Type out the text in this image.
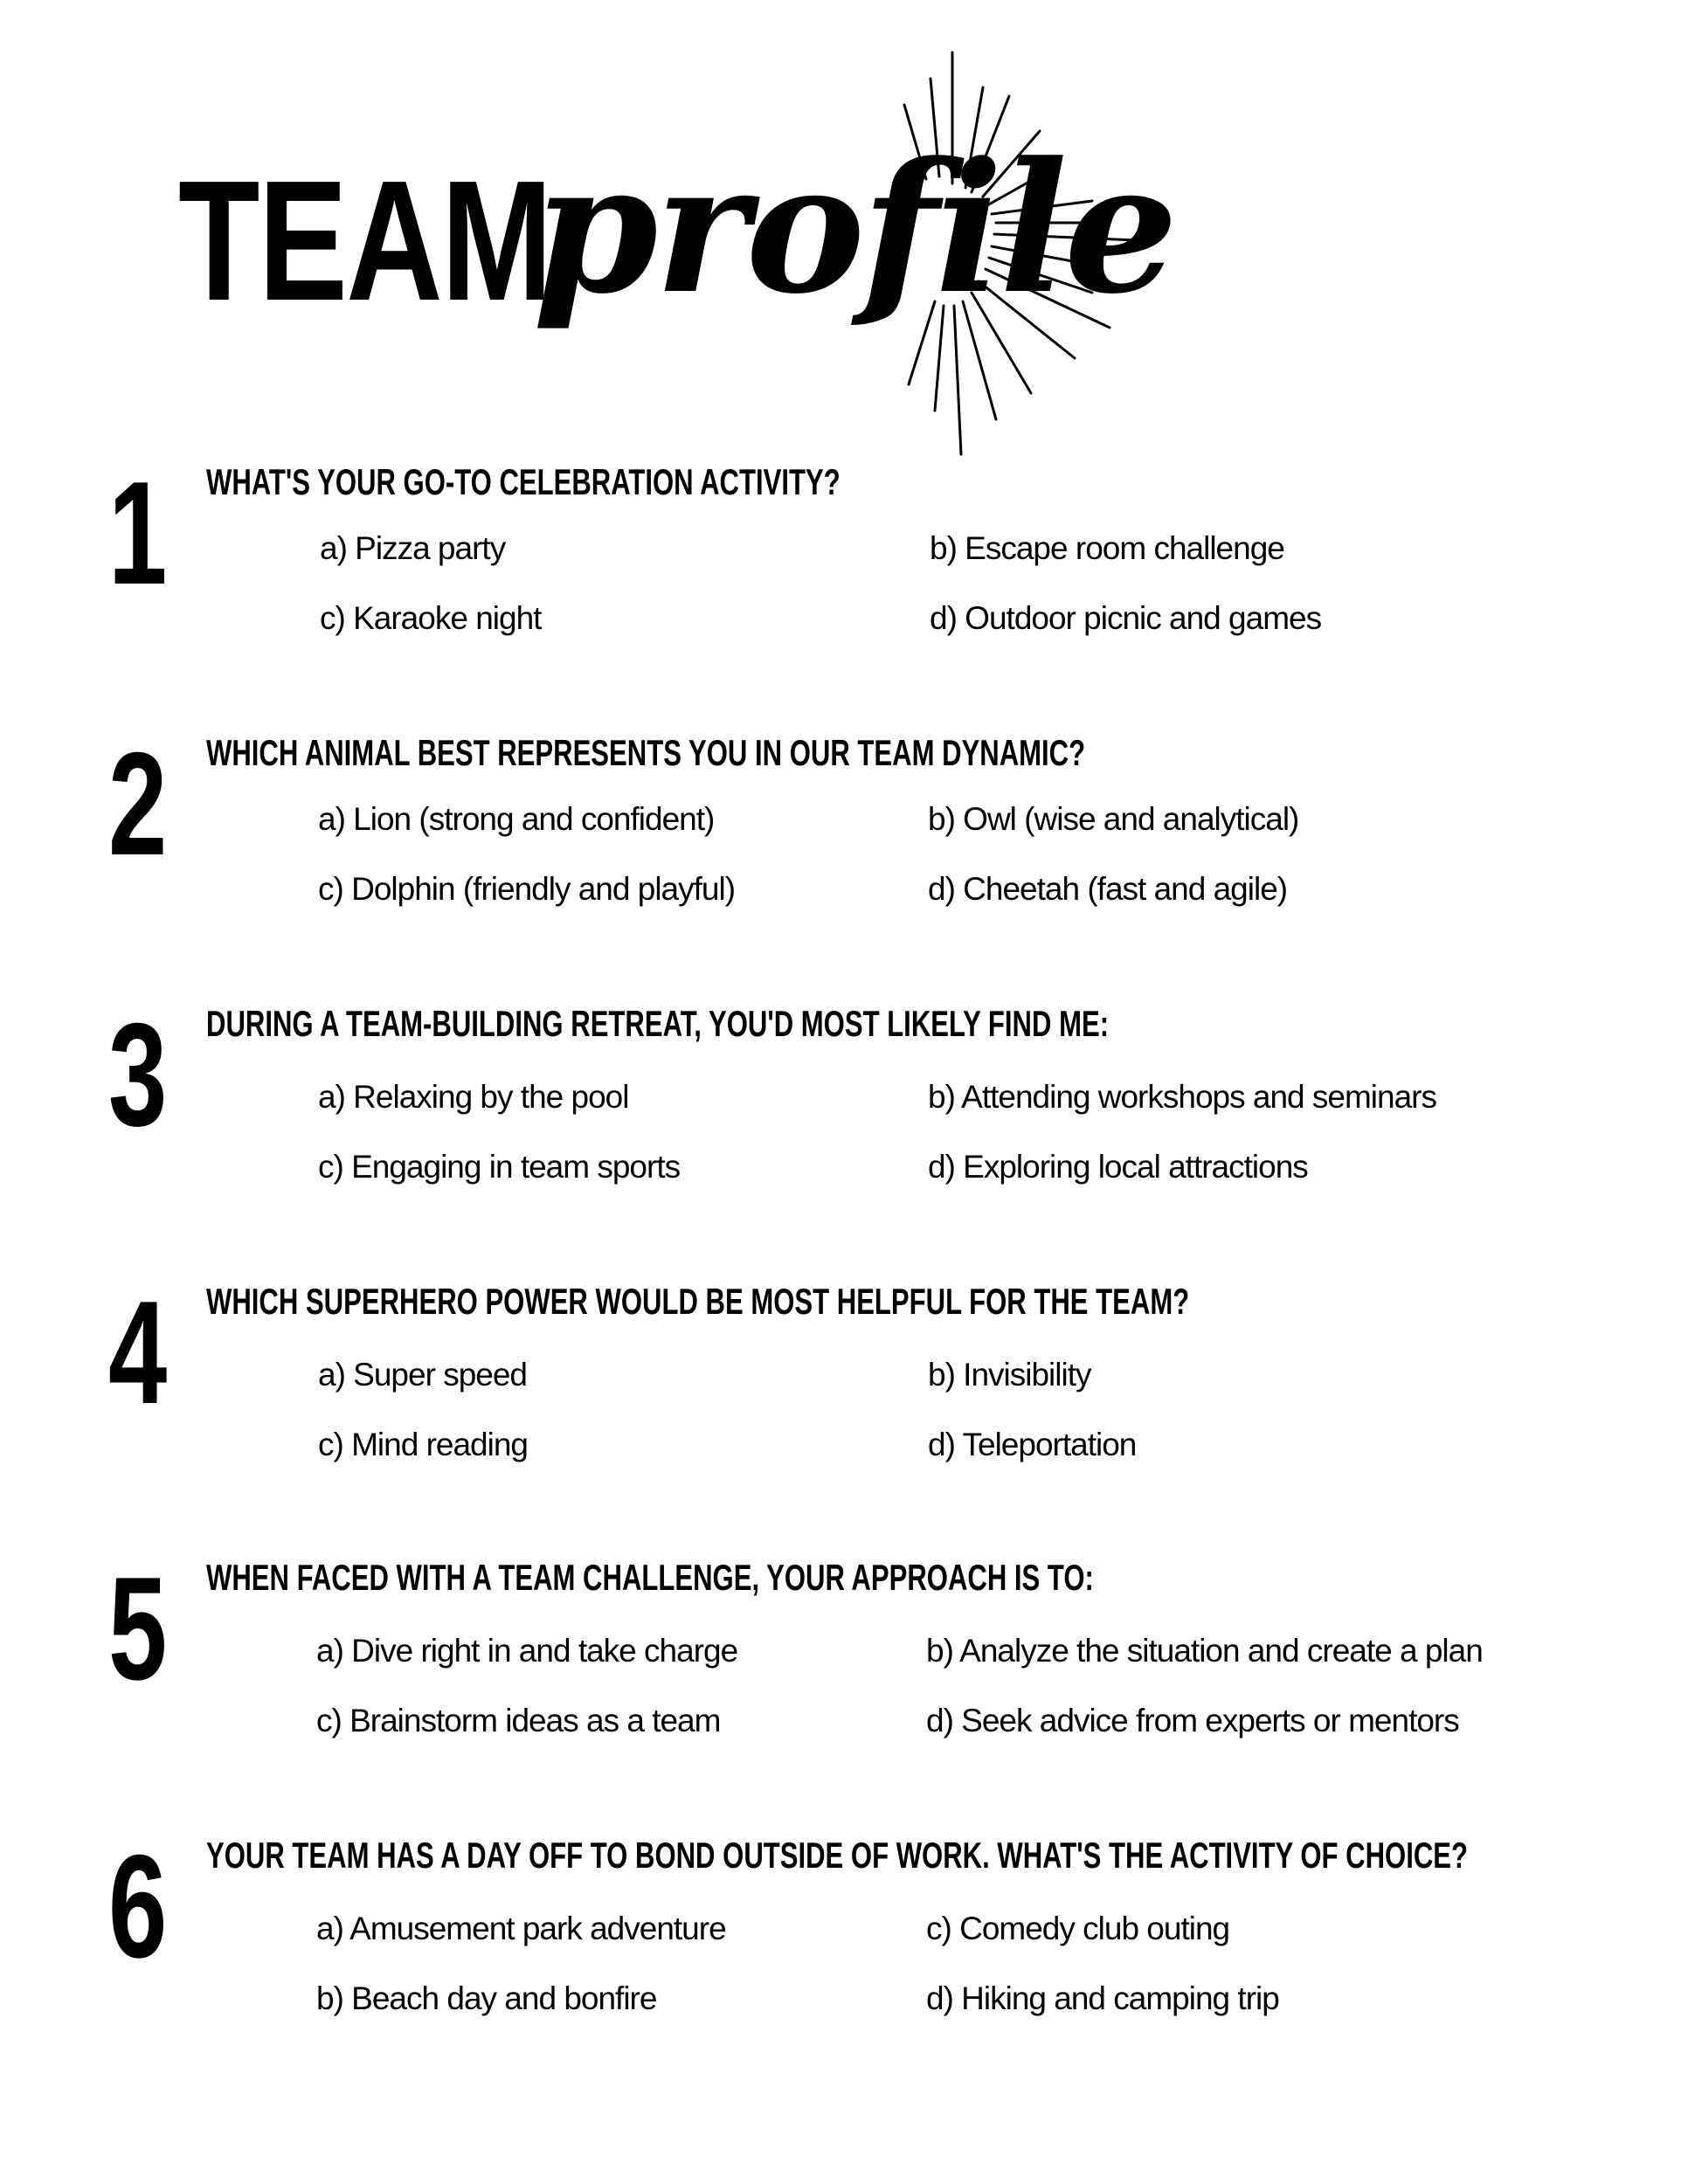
TEAM
profile
1 WHAT'S YOUR GO-TO CELEBRATION ACTIVITY?
a) Pizza party	b) Escape room challenge
c) Karaoke night	d) Outdoor picnic and games
2 WHICH ANIMAL BEST REPRESENTS YOU IN OUR TEAM DYNAMIC?
a) Lion (strong and confident)	b) Owl (wise and analytical)
c) Dolphin (friendly and playful)	d) Cheetah (fast and agile)
3 DURING A TEAM-BUILDING RETREAT, YOU'D MOST LIKELY FIND ME:
a) Relaxing by the pool	b) Attending workshops and seminars
c) Engaging in team sports	d) Exploring local attractions
4 WHICH SUPERHERO POWER WOULD BE MOST HELPFUL FOR THE TEAM?
a) Super speed	b) Invisibility
c) Mind reading	d) Teleportation
5 WHEN FACED WITH A TEAM CHALLENGE, YOUR APPROACH IS TO:
a) Dive right in and take charge	b) Analyze the situation and create a plan
c) Brainstorm ideas as a team	d) Seek advice from experts or mentors
6 YOUR TEAM HAS A DAY OFF TO BOND OUTSIDE OF WORK. WHAT'S THE ACTIVITY OF CHOICE?
a) Amusement park adventure	c) Comedy club outing
b) Beach day and bonfire	d) Hiking and camping trip
